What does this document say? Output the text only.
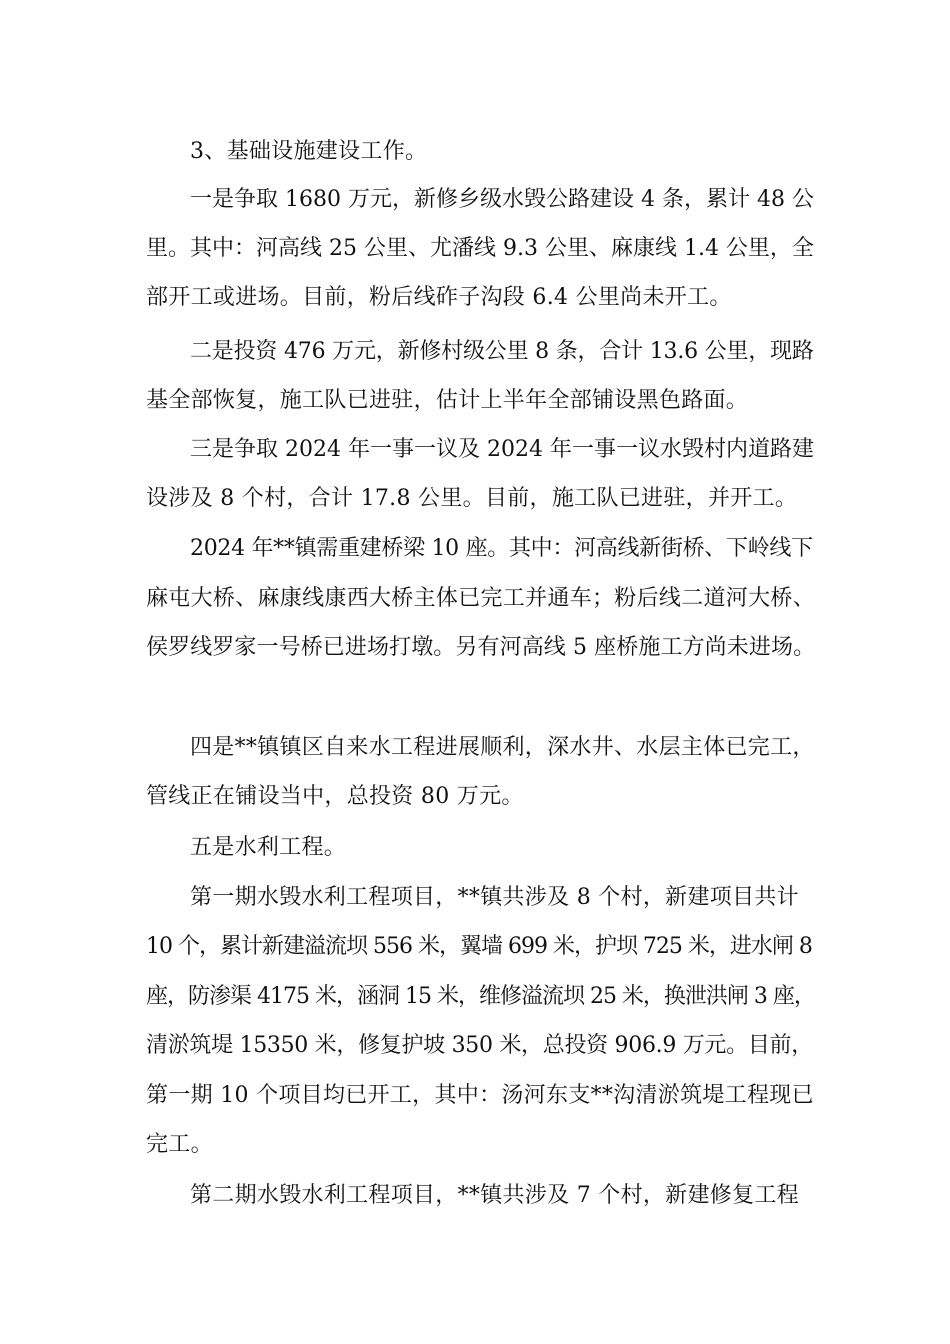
3、基础设施建设工作。
一是争取 1680 万元，新修乡级水毁公路建设 4 条，累计 48 公
里。其中：河高线 25 公里、尤潘线 9.3 公里、麻康线 1.4 公里，全
部开工或进场。目前，粉后线砟子沟段 6.4 公里尚未开工。
二是投资 476 万元，新修村级公里 8 条，合计 13.6 公里，现路
基全部恢复，施工队已进驻，估计上半年全部铺设黑色路面。
三是争取 2024 年一事一议及 2024 年一事一议水毁村内道路建
设涉及 8 个村，合计 17.8 公里。目前，施工队已进驻，并开工。
2024 年**镇需重建桥梁 10 座。其中：河高线新街桥、下岭线下
麻屯大桥、麻康线康西大桥主体已完工并通车；粉后线二道河大桥、
侯罗线罗家一号桥已进场打墩。另有河高线 5 座桥施工方尚未进场。
四是**镇镇区自来水工程进展顺利，深水井、水层主体已完工，
管线正在铺设当中，总投资 80 万元。
五是水利工程。
第一期水毁水利工程项目，**镇共涉及 8 个村，新建项目共计
10 个，累计新建溢流坝 556 米，翼墙 699 米，护坝 725 米，进水闸 8
座，防渗渠 4175 米，涵洞 15 米，维修溢流坝 25 米，换泄洪闸 3 座，
清淤筑堤 15350 米，修复护坡 350 米，总投资 906.9 万元。目前，
第一期 10 个项目均已开工，其中：汤河东支**沟清淤筑堤工程现已
完工。
第二期水毁水利工程项目，**镇共涉及 7 个村，新建修复工程
